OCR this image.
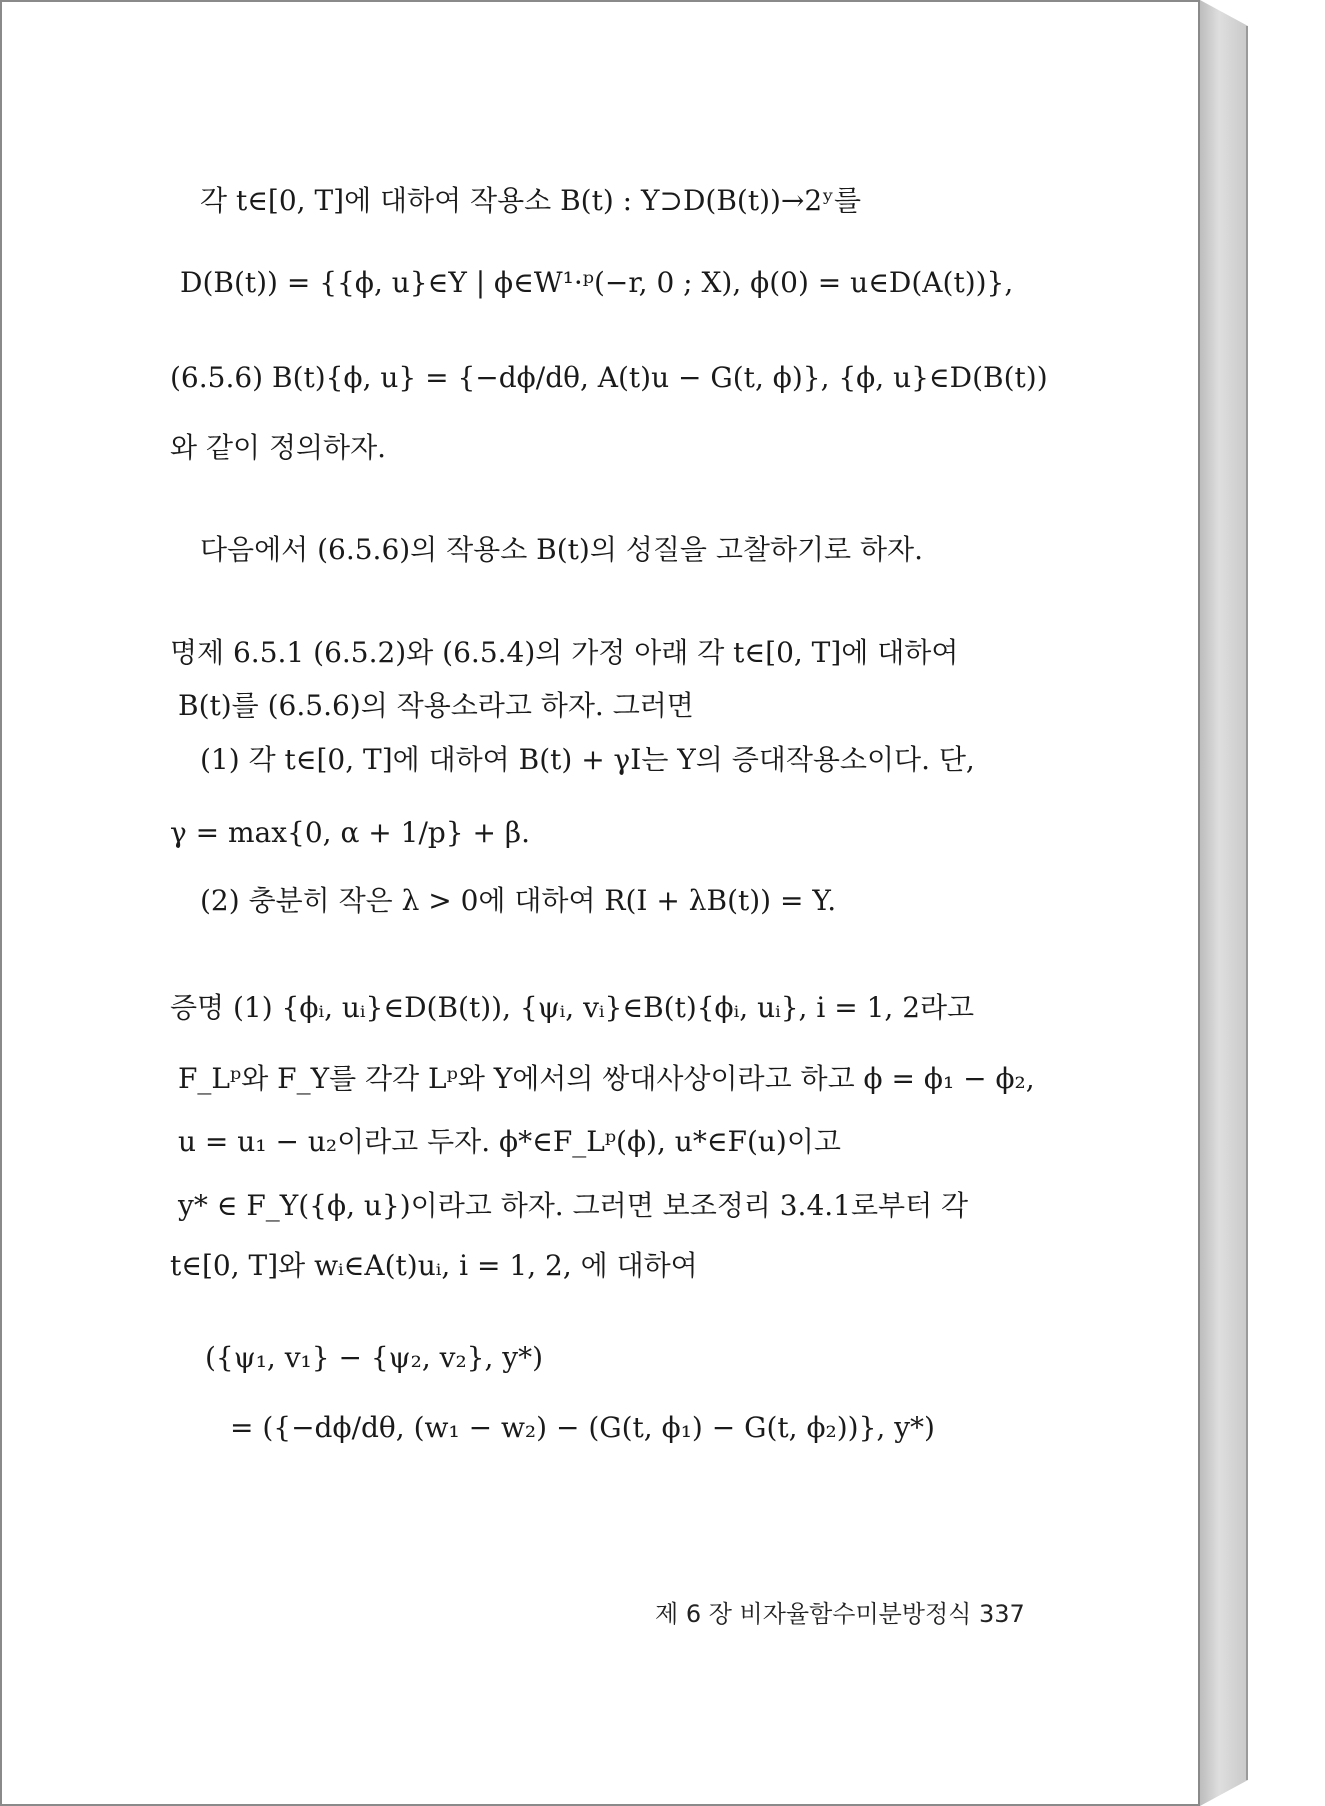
각 t∈[0, T]에 대하여 작용소 B(t) : Y⊃D(B(t))→2ʸ를
D(B(t)) = {{ϕ, u}∈Y | ϕ∈W¹·ᵖ(−r, 0 ; X), ϕ(0) = u∈D(A(t))},
(6.5.6) B(t){ϕ, u} = {−dϕ/dθ, A(t)u − G(t, ϕ)}, {ϕ, u}∈D(B(t))
와 같이 정의하자.
다음에서 (6.5.6)의 작용소 B(t)의 성질을 고찰하기로 하자.
명제 6.5.1 (6.5.2)와 (6.5.4)의 가정 아래 각 t∈[0, T]에 대하여
B(t)를 (6.5.6)의 작용소라고 하자. 그러면
(1) 각 t∈[0, T]에 대하여 B(t) + γI는 Y의 증대작용소이다. 단,
γ = max{0, α + 1/p} + β.
(2) 충분히 작은 λ > 0에 대하여 R(I + λB(t)) = Y.
증명 (1) {ϕᵢ, uᵢ}∈D(B(t)), {ψᵢ, vᵢ}∈B(t){ϕᵢ, uᵢ}, i = 1, 2라고
F_Lᵖ와 F_Y를 각각 Lᵖ와 Y에서의 쌍대사상이라고 하고 ϕ = ϕ₁ − ϕ₂,
u = u₁ − u₂이라고 두자. ϕ*∈F_Lᵖ(ϕ), u*∈F(u)이고
y* ∈ F_Y({ϕ, u})이라고 하자. 그러면 보조정리 3.4.1로부터 각
t∈[0, T]와 wᵢ∈A(t)uᵢ, i = 1, 2, 에 대하여
({ψ₁, v₁} − {ψ₂, v₂}, y*)
= ({−dϕ/dθ, (w₁ − w₂) − (G(t, ϕ₁) − G(t, ϕ₂))}, y*)
제 6 장 비자율함수미분방정식 337
